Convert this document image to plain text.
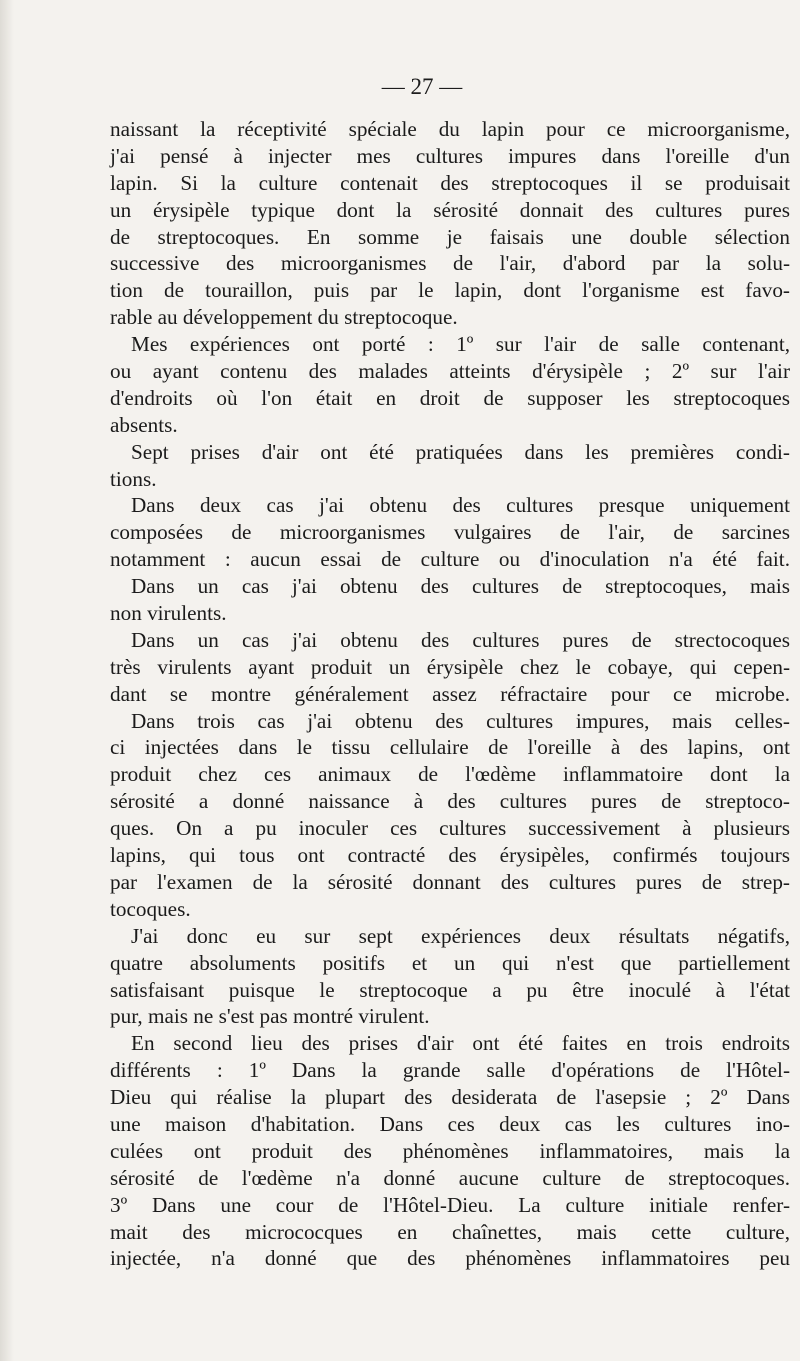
— 27 —
naissant la réceptivité spéciale du lapin pour ce microorganisme,
j'ai pensé à injecter mes cultures impures dans l'oreille d'un
lapin. Si la culture contenait des streptocoques il se produisait
un érysipèle typique dont la sérosité donnait des cultures pures
de streptocoques. En somme je faisais une double sélection
successive des microorganismes de l'air, d'abord par la solu-
tion de touraillon, puis par le lapin, dont l'organisme est favo-
rable au développement du streptocoque.
Mes expériences ont porté : 1º sur l'air de salle contenant,
ou ayant contenu des malades atteints d'érysipèle ; 2º sur l'air
d'endroits où l'on était en droit de supposer les streptocoques
absents.
Sept prises d'air ont été pratiquées dans les premières condi-
tions.
Dans deux cas j'ai obtenu des cultures presque uniquement
composées de microorganismes vulgaires de l'air, de sarcines
notamment : aucun essai de culture ou d'inoculation n'a été fait.
Dans un cas j'ai obtenu des cultures de streptocoques, mais
non virulents.
Dans un cas j'ai obtenu des cultures pures de strectocoques
très virulents ayant produit un érysipèle chez le cobaye, qui cepen-
dant se montre généralement assez réfractaire pour ce microbe.
Dans trois cas j'ai obtenu des cultures impures, mais celles-
ci injectées dans le tissu cellulaire de l'oreille à des lapins, ont
produit chez ces animaux de l'œdème inflammatoire dont la
sérosité a donné naissance à des cultures pures de streptoco-
ques. On a pu inoculer ces cultures successivement à plusieurs
lapins, qui tous ont contracté des érysipèles, confirmés toujours
par l'examen de la sérosité donnant des cultures pures de strep-
tocoques.
J'ai donc eu sur sept expériences deux résultats négatifs,
quatre absoluments positifs et un qui n'est que partiellement
satisfaisant puisque le streptocoque a pu être inoculé à l'état
pur, mais ne s'est pas montré virulent.
En second lieu des prises d'air ont été faites en trois endroits
différents : 1º Dans la grande salle d'opérations de l'Hôtel-
Dieu qui réalise la plupart des desiderata de l'asepsie ; 2º Dans
une maison d'habitation. Dans ces deux cas les cultures ino-
culées ont produit des phénomènes inflammatoires, mais la
sérosité de l'œdème n'a donné aucune culture de streptocoques.
3º Dans une cour de l'Hôtel-Dieu. La culture initiale renfer-
mait des micrococques en chaînettes, mais cette culture,
injectée, n'a donné que des phénomènes inflammatoires peu
